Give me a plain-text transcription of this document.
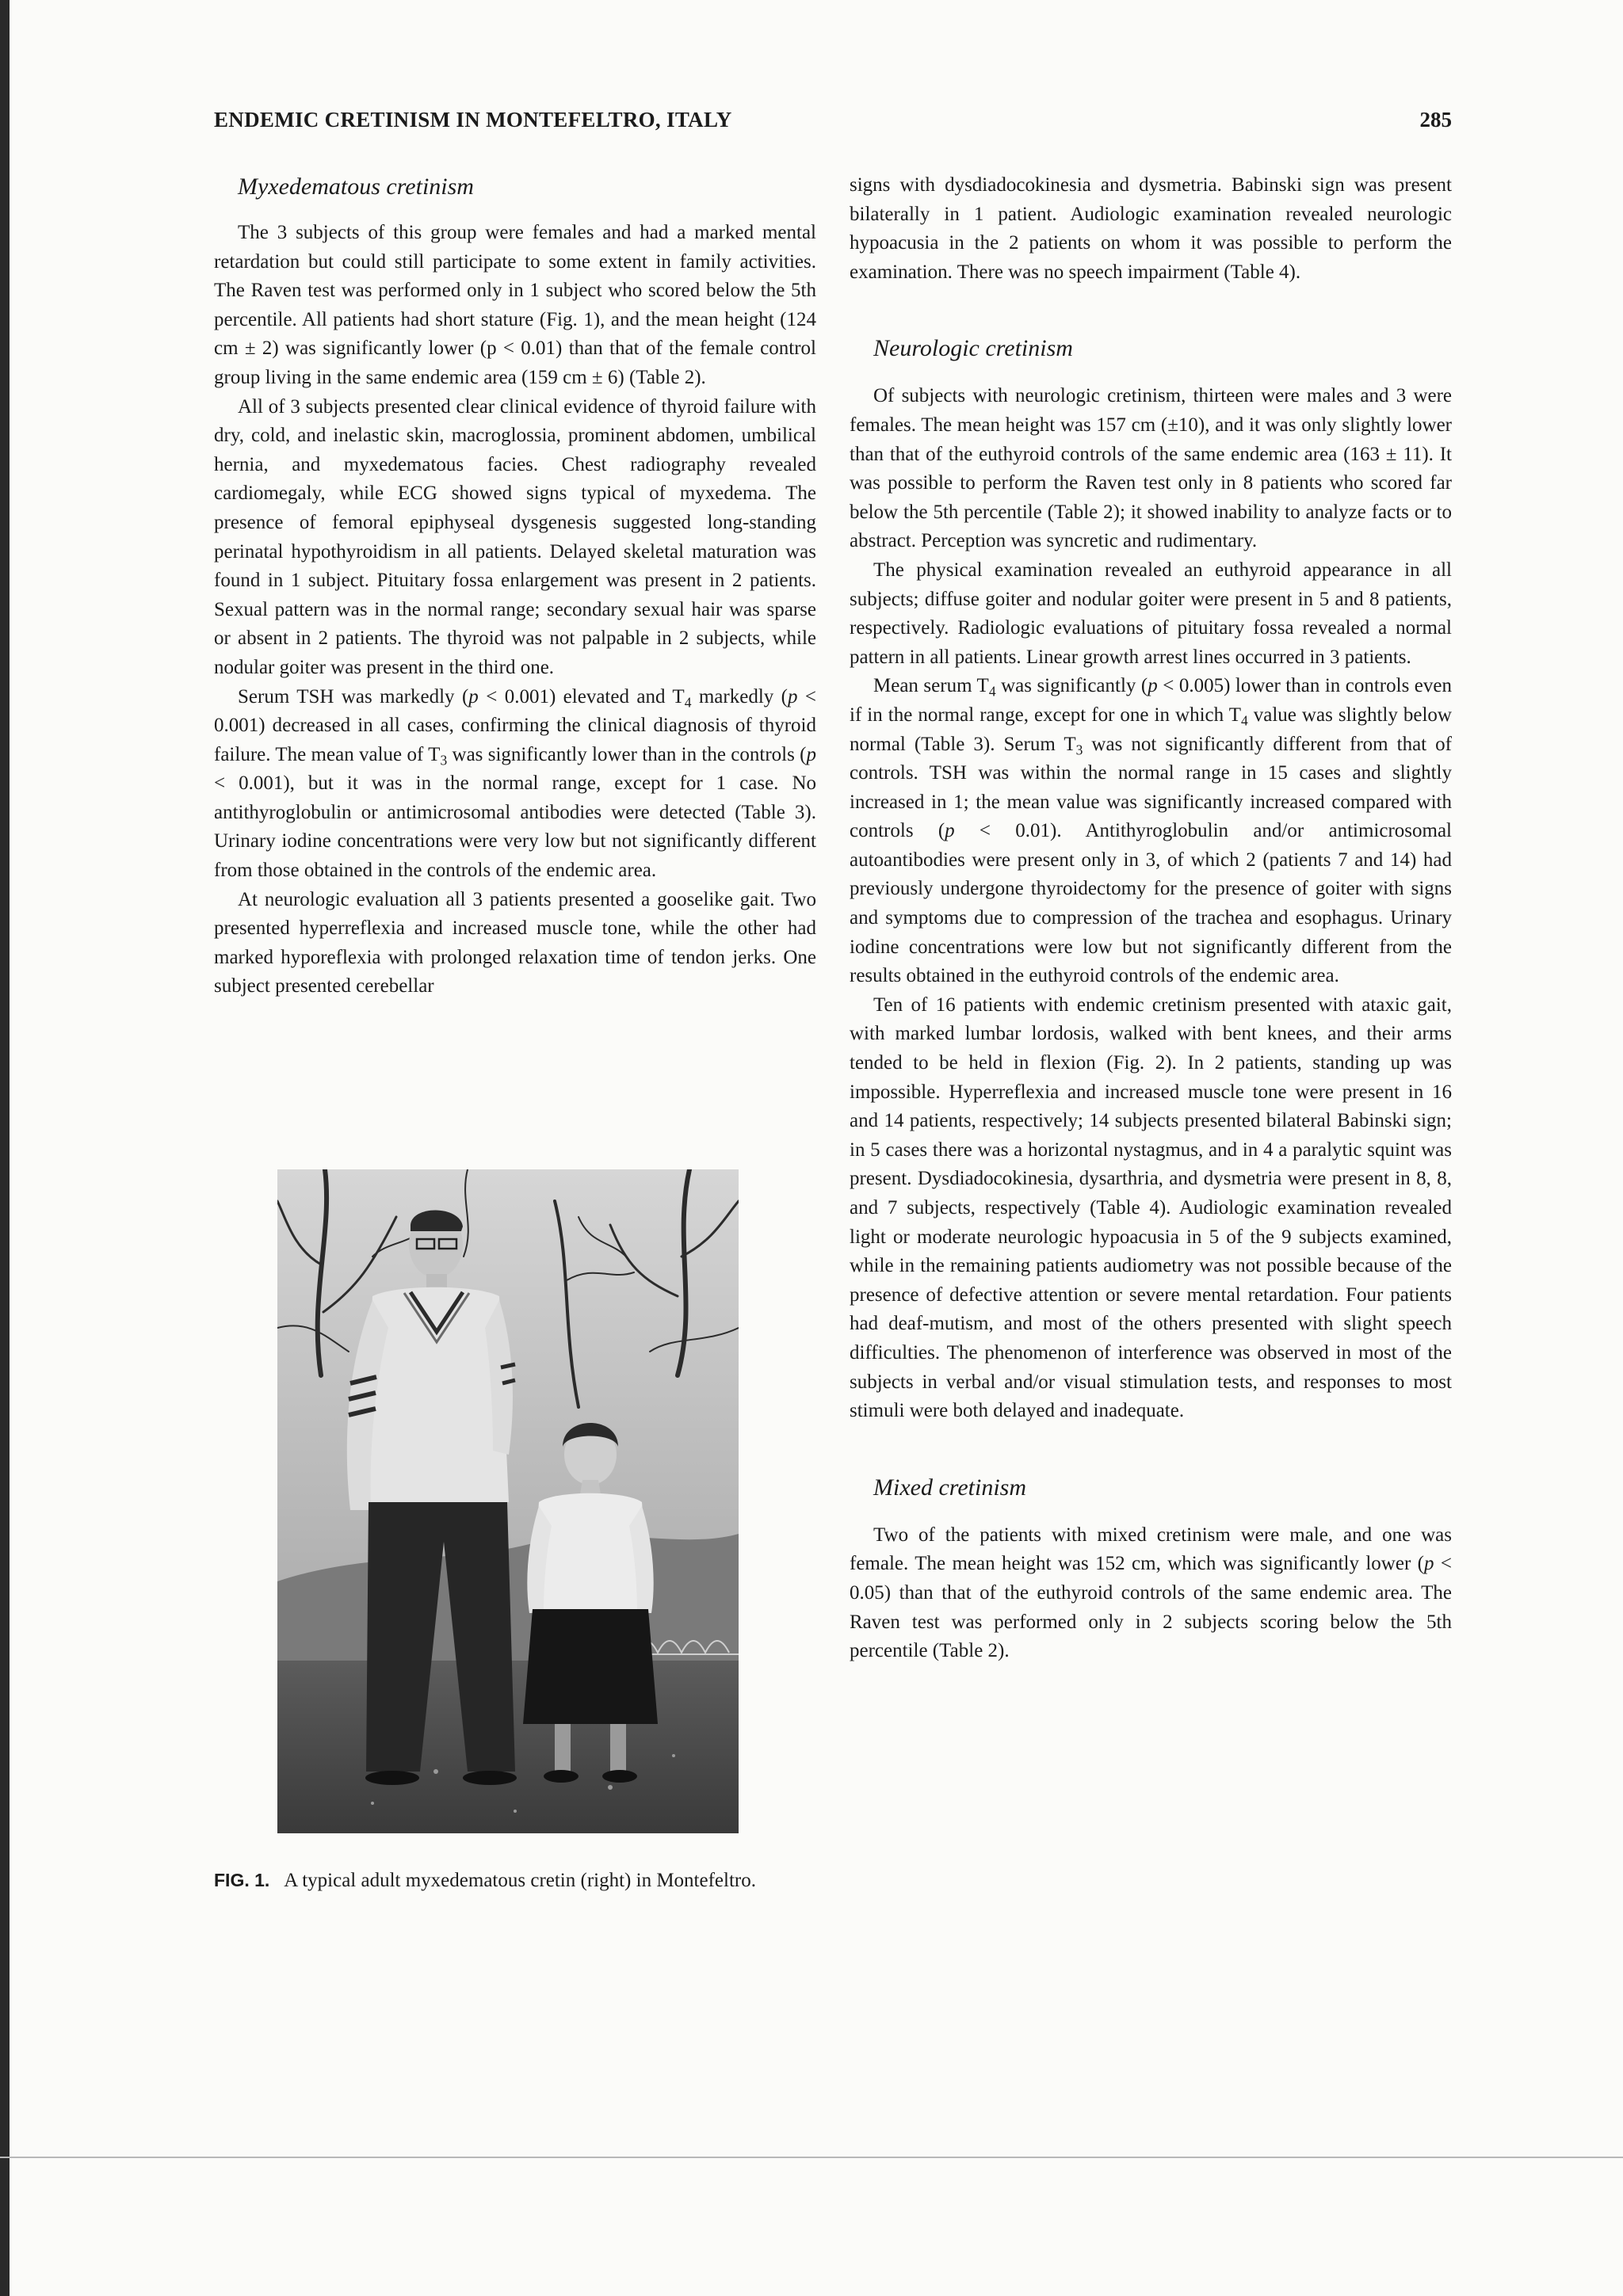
ENDEMIC CRETINISM IN MONTEFELTRO, ITALY	285

Myxedematous cretinism

The 3 subjects of this group were females and had a marked mental retardation but could still participate to some extent in family activities. The Raven test was performed only in 1 subject who scored below the 5th percentile. All patients had short stature (Fig. 1), and the mean height (124 cm ± 2) was significantly lower (p < 0.01) than that of the female control group living in the same endemic area (159 cm ± 6) (Table 2).

All of 3 subjects presented clear clinical evidence of thyroid failure with dry, cold, and inelastic skin, macroglossia, prominent abdomen, umbilical hernia, and myxedematous facies. Chest radiography revealed cardiomegaly, while ECG showed signs typical of myxedema. The presence of femoral epiphyseal dysgenesis suggested long-standing perinatal hypothyroidism in all patients. Delayed skeletal maturation was found in 1 subject. Pituitary fossa enlargement was present in 2 patients. Sexual pattern was in the normal range; secondary sexual hair was sparse or absent in 2 patients. The thyroid was not palpable in 2 subjects, while nodular goiter was present in the third one.

Serum TSH was markedly (p < 0.001) elevated and $T_4$ markedly (p < 0.001) decreased in all cases, confirming the clinical diagnosis of thyroid failure. The mean value of $T_3$ was significantly lower than in the controls (p < 0.001), but it was in the normal range, except for 1 case. No antithyroglobulin or antimicrosomal antibodies were detected (Table 3). Urinary iodine concentrations were very low but not significantly different from those obtained in the controls of the endemic area.

At neurologic evaluation all 3 patients presented a gooselike gait. Two presented hyperreflexia and increased muscle tone, while the other had marked hyporeflexia with prolonged relaxation time of tendon jerks. One subject presented cerebellar

FIG. 1. A typical adult myxedematous cretin (right) in Montefeltro.

signs with dysdiadocokinesia and dysmetria. Babinski sign was present bilaterally in 1 patient. Audiologic examination revealed neurologic hypoacusia in the 2 patients on whom it was possible to perform the examination. There was no speech impairment (Table 4).

Neurologic cretinism

Of subjects with neurologic cretinism, thirteen were males and 3 were females. The mean height was 157 cm (±10), and it was only slightly lower than that of the euthyroid controls of the same endemic area (163 ± 11). It was possible to perform the Raven test only in 8 patients who scored far below the 5th percentile (Table 2); it showed inability to analyze facts or to abstract. Perception was syncretic and rudimentary.

The physical examination revealed an euthyroid appearance in all subjects; diffuse goiter and nodular goiter were present in 5 and 8 patients, respectively. Radiologic evaluations of pituitary fossa revealed a normal pattern in all patients. Linear growth arrest lines occurred in 3 patients.

Mean serum $T_4$ was significantly (p < 0.005) lower than in controls even if in the normal range, except for one in which $T_4$ value was slightly below normal (Table 3). Serum $T_3$ was not significantly different from that of controls. TSH was within the normal range in 15 cases and slightly increased in 1; the mean value was significantly increased compared with controls (p < 0.01). Antithyroglobulin and/or antimicrosomal autoantibodies were present only in 3, of which 2 (patients 7 and 14) had previously undergone thyroidectomy for the presence of goiter with signs and symptoms due to compression of the trachea and esophagus. Urinary iodine concentrations were low but not significantly different from the results obtained in the euthyroid controls of the endemic area.

Ten of 16 patients with endemic cretinism presented with ataxic gait, with marked lumbar lordosis, walked with bent knees, and their arms tended to be held in flexion (Fig. 2). In 2 patients, standing up was impossible. Hyperreflexia and increased muscle tone were present in 16 and 14 patients, respectively; 14 subjects presented bilateral Babinski sign; in 5 cases there was a horizontal nystagmus, and in 4 a paralytic squint was present. Dysdiadocokinesia, dysarthria, and dysmetria were present in 8, 8, and 7 subjects, respectively (Table 4). Audiologic examination revealed light or moderate neurologic hypoacusia in 5 of the 9 subjects examined, while in the remaining patients audiometry was not possible because of the presence of defective attention or severe mental retardation. Four patients had deaf-mutism, and most of the others presented with slight speech difficulties. The phenomenon of interference was observed in most of the subjects in verbal and/or visual stimulation tests, and responses to most stimuli were both delayed and inadequate.

Mixed cretinism

Two of the patients with mixed cretinism were male, and one was female. The mean height was 152 cm, which was significantly lower (p < 0.05) than that of the euthyroid controls of the same endemic area. The Raven test was performed only in 2 subjects scoring below the 5th percentile (Table 2).
